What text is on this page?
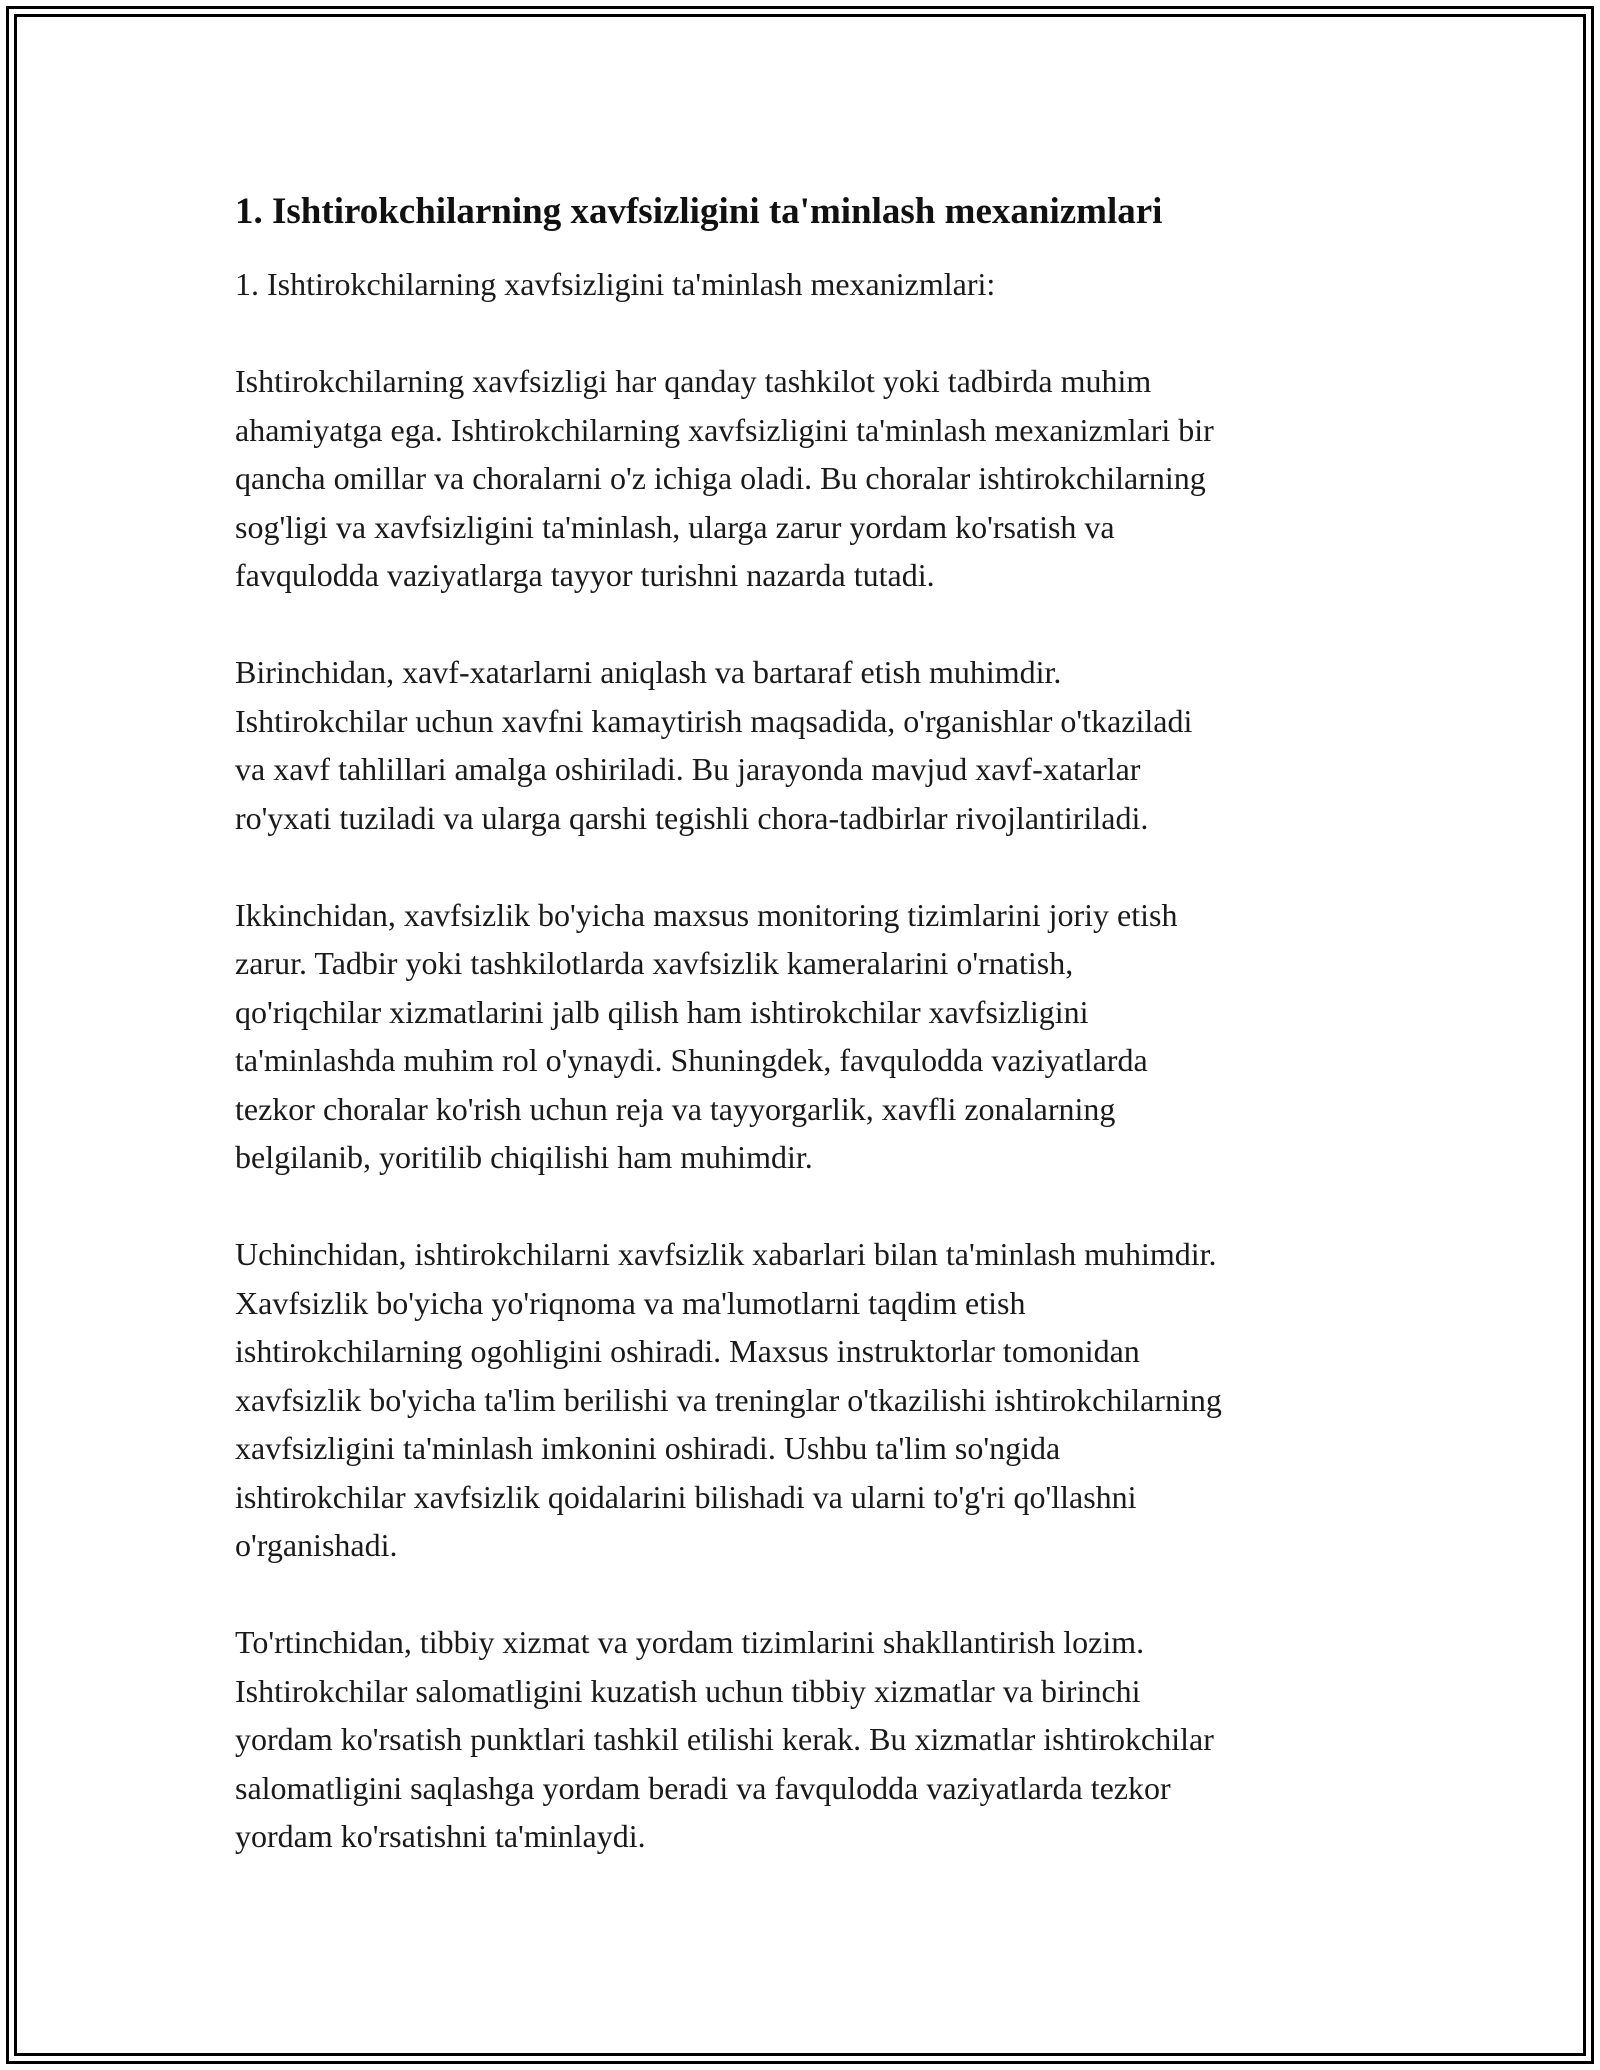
1. Ishtirokchilarning xavfsizligini ta'minlash mexanizmlari

1. Ishtirokchilarning xavfsizligini ta'minlash mexanizmlari:

Ishtirokchilarning xavfsizligi har qanday tashkilot yoki tadbirda muhim
ahamiyatga ega. Ishtirokchilarning xavfsizligini ta'minlash mexanizmlari bir
qancha omillar va choralarni o'z ichiga oladi. Bu choralar ishtirokchilarning
sog'ligi va xavfsizligini ta'minlash, ularga zarur yordam ko'rsatish va
favqulodda vaziyatlarga tayyor turishni nazarda tutadi.

Birinchidan, xavf-xatarlarni aniqlash va bartaraf etish muhimdir.
Ishtirokchilar uchun xavfni kamaytirish maqsadida, o'rganishlar o'tkaziladi
va xavf tahlillari amalga oshiriladi. Bu jarayonda mavjud xavf-xatarlar
ro'yxati tuziladi va ularga qarshi tegishli chora-tadbirlar rivojlantiriladi.

Ikkinchidan, xavfsizlik bo'yicha maxsus monitoring tizimlarini joriy etish
zarur. Tadbir yoki tashkilotlarda xavfsizlik kameralarini o'rnatish,
qo'riqchilar xizmatlarini jalb qilish ham ishtirokchilar xavfsizligini
ta'minlashda muhim rol o'ynaydi. Shuningdek, favqulodda vaziyatlarda
tezkor choralar ko'rish uchun reja va tayyorgarlik, xavfli zonalarning
belgilanib, yoritilib chiqilishi ham muhimdir.

Uchinchidan, ishtirokchilarni xavfsizlik xabarlari bilan ta'minlash muhimdir.
Xavfsizlik bo'yicha yo'riqnoma va ma'lumotlarni taqdim etish
ishtirokchilarning ogohligini oshiradi. Maxsus instruktorlar tomonidan
xavfsizlik bo'yicha ta'lim berilishi va treninglar o'tkazilishi ishtirokchilarning
xavfsizligini ta'minlash imkonini oshiradi. Ushbu ta'lim so'ngida
ishtirokchilar xavfsizlik qoidalarini bilishadi va ularni to'g'ri qo'llashni
o'rganishadi.

To'rtinchidan, tibbiy xizmat va yordam tizimlarini shakllantirish lozim.
Ishtirokchilar salomatligini kuzatish uchun tibbiy xizmatlar va birinchi
yordam ko'rsatish punktlari tashkil etilishi kerak. Bu xizmatlar ishtirokchilar
salomatligini saqlashga yordam beradi va favqulodda vaziyatlarda tezkor
yordam ko'rsatishni ta'minlaydi.
